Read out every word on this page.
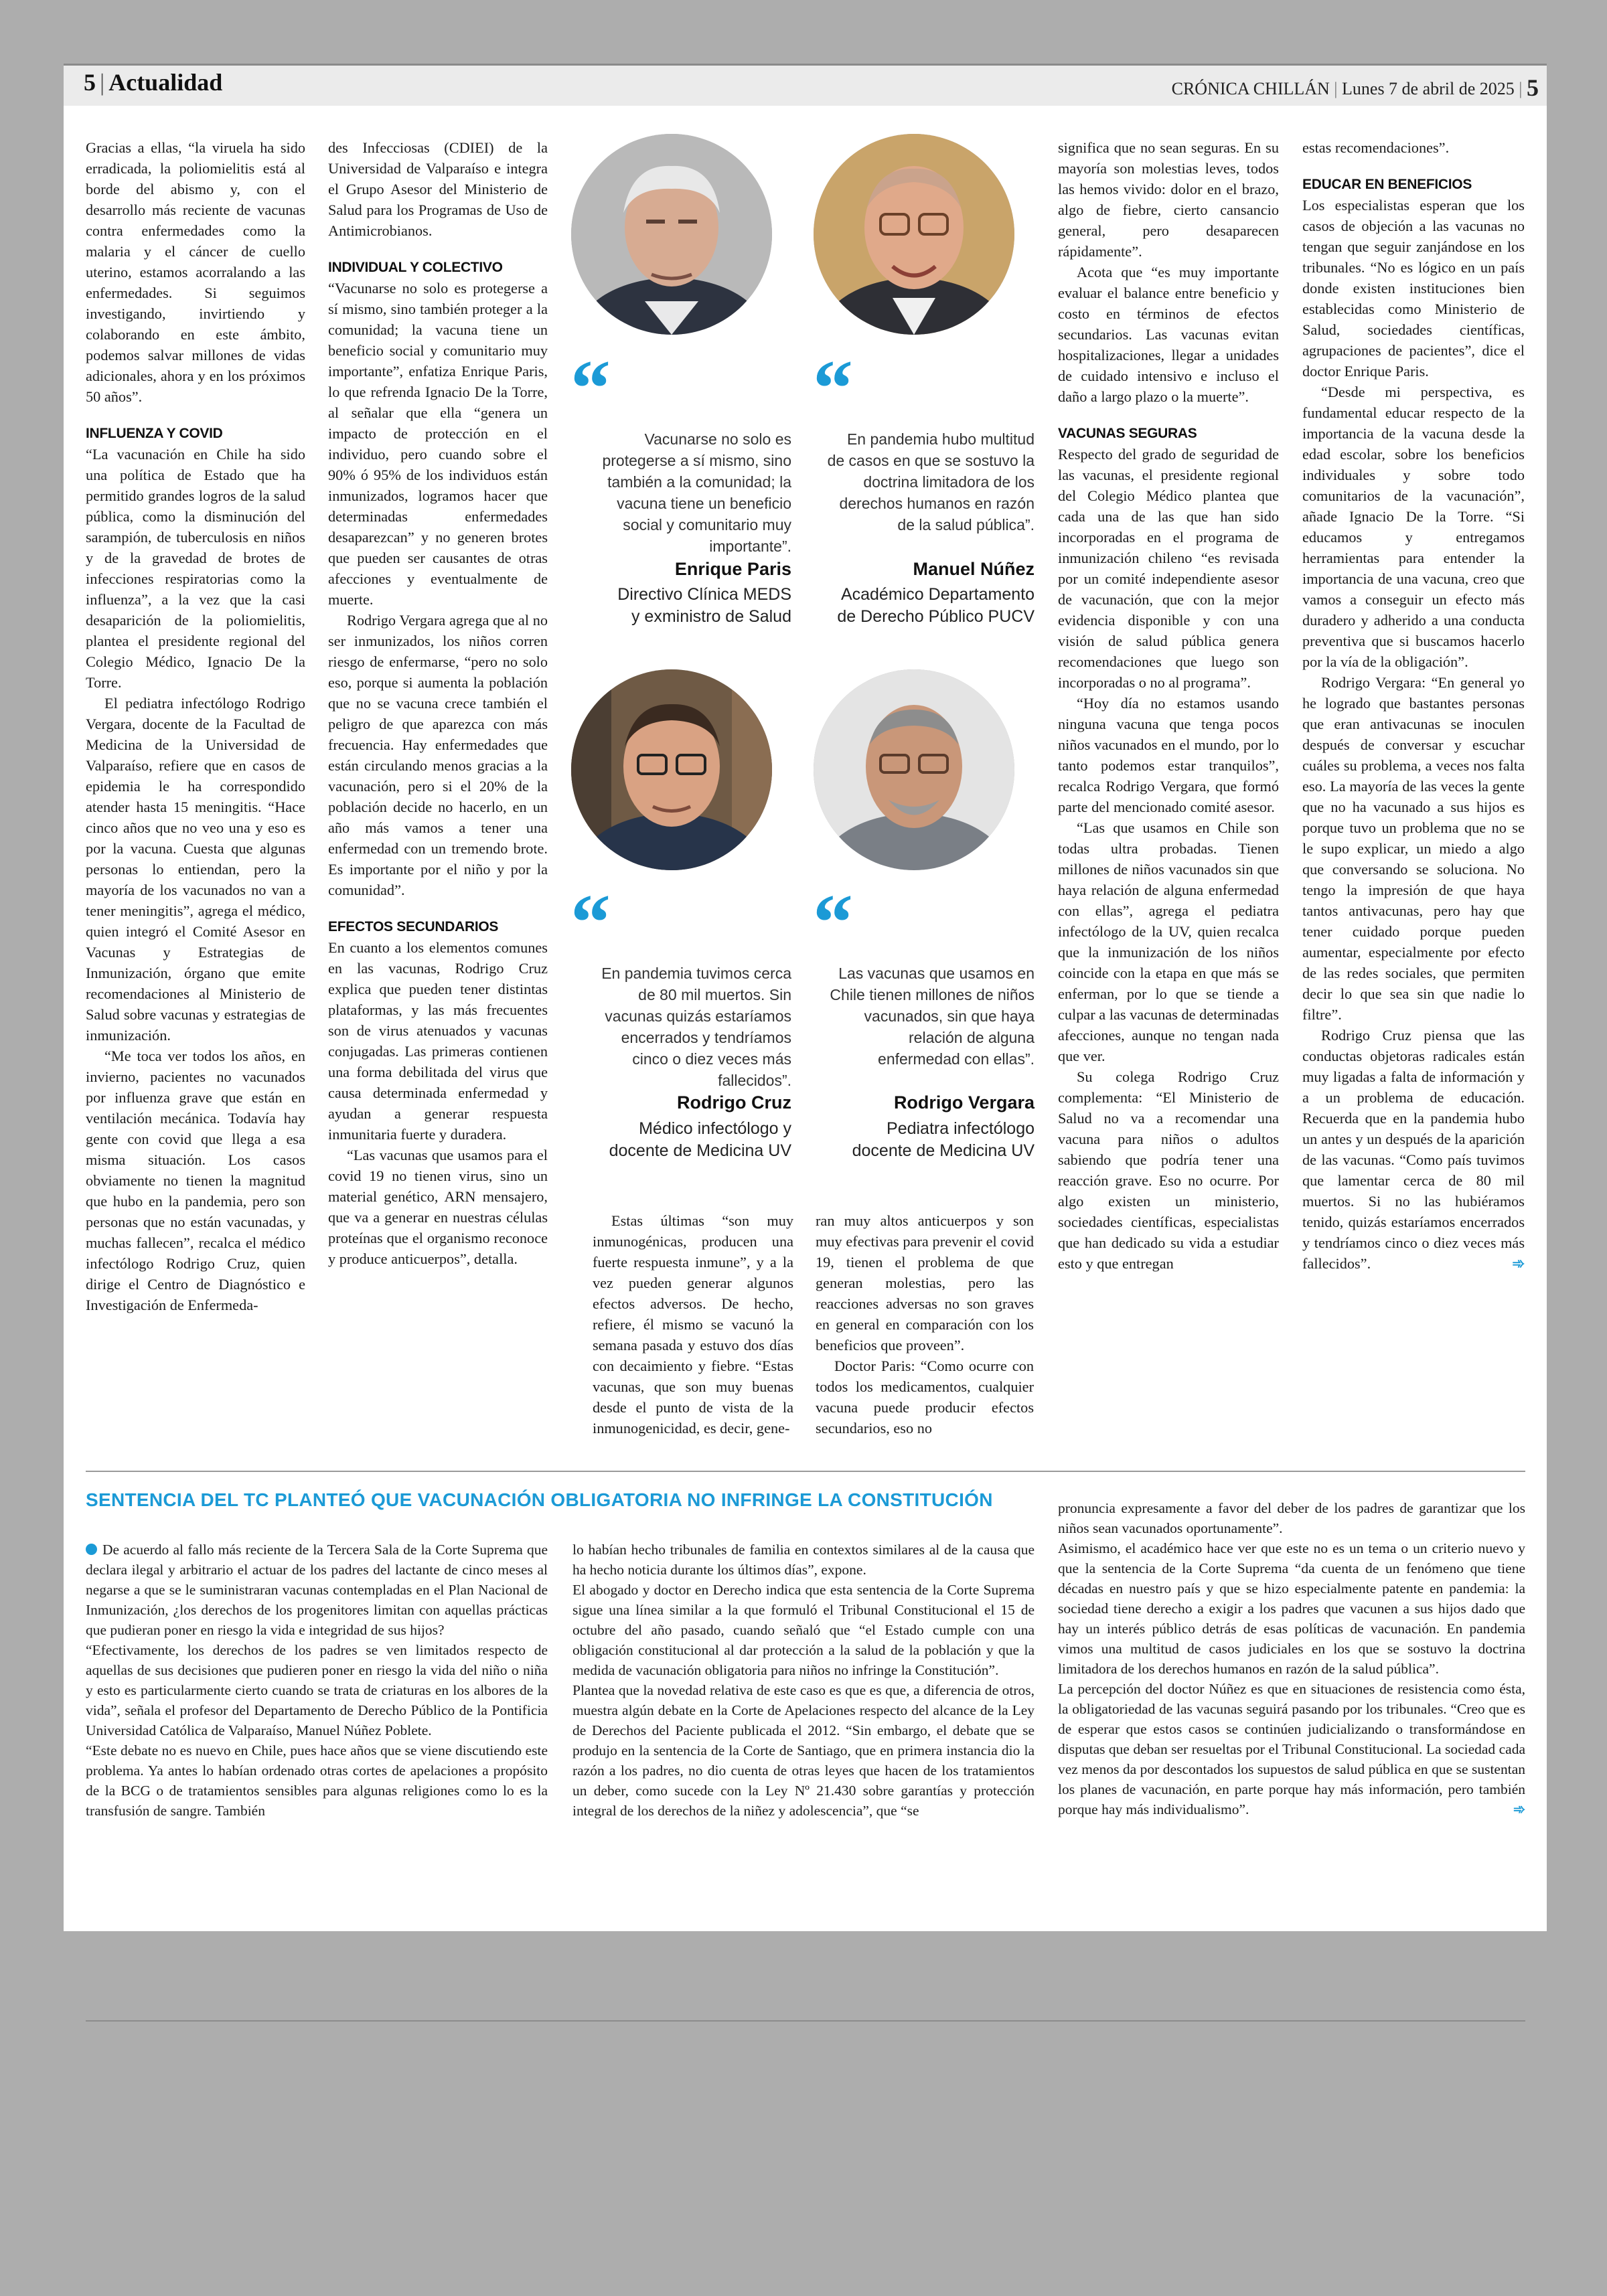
5 | Actualidad	CRÓNICA CHILLÁN | Lunes 7 de abril de 2025 | 5

Gracias a ellas, “la viruela ha sido erradicada, la poliomielitis está al borde del abismo y, con el desarrollo más reciente de vacunas contra enfermedades como la malaria y el cáncer de cuello uterino, estamos acorralando a las enfermedades. Si seguimos investigando, invirtiendo y colaborando en este ámbito, podemos salvar millones de vidas adicionales, ahora y en los próximos 50 años”.

INFLUENZA Y COVID

“La vacunación en Chile ha sido una política de Estado que ha permitido grandes logros de la salud pública, como la disminución del sarampión, de tuberculosis en niños y de la gravedad de brotes de infecciones respiratorias como la influenza”, a la vez que la casi desaparición de la poliomielitis, plantea el presidente regional del Colegio Médico, Ignacio De la Torre.

El pediatra infectólogo Rodrigo Vergara, docente de la Facultad de Medicina de la Universidad de Valparaíso, refiere que en casos de epidemia le ha correspondido atender hasta 15 meningitis. “Hace cinco años que no veo una y eso es por la vacuna. Cuesta que algunas personas lo entiendan, pero la mayoría de los vacunados no van a tener meningitis”, agrega el médico, quien integró el Comité Asesor en Vacunas y Estrategias de Inmunización, órgano que emite recomendaciones al Ministerio de Salud sobre vacunas y estrategias de inmunización.

“Me toca ver todos los años, en invierno, pacientes no vacunados por influenza grave que están en ventilación mecánica. Todavía hay gente con covid que llega a esa misma situación. Los casos obviamente no tienen la magnitud que hubo en la pandemia, pero son personas que no están vacunadas, y muchas fallecen”, recalca el médico infectólogo Rodrigo Cruz, quien dirige el Centro de Diagnóstico e Investigación de Enfermeda-

des Infecciosas (CDIEI) de la Universidad de Valparaíso e integra el Grupo Asesor del Ministerio de Salud para los Programas de Uso de Antimicrobianos.

INDIVIDUAL Y COLECTIVO

“Vacunarse no solo es protegerse a sí mismo, sino también proteger a la comunidad; la vacuna tiene un beneficio social y comunitario muy importante”, enfatiza Enrique Paris, lo que refrenda Ignacio De la Torre, al señalar que ella “genera un impacto de protección en el individuo, pero cuando sobre el 90% ó 95% de los individuos están inmunizados, logramos hacer que determinadas enfermedades desaparezcan” y no generen brotes que pueden ser causantes de otras afecciones y eventualmente de muerte.

Rodrigo Vergara agrega que al no ser inmunizados, los niños corren riesgo de enfermarse, “pero no solo eso, porque si aumenta la población que no se vacuna crece también el peligro de que aparezca con más frecuencia. Hay enfermedades que están circulando menos gracias a la vacunación, pero si el 20% de la población decide no hacerlo, en un año más vamos a tener una enfermedad con un tremendo brote. Es importante por el niño y por la comunidad”.

EFECTOS SECUNDARIOS

En cuanto a los elementos comunes en las vacunas, Rodrigo Cruz explica que pueden tener distintas plataformas, y las más frecuentes son de virus atenuados y vacunas conjugadas. Las primeras contienen una forma debilitada del virus que causa determinada enfermedad y ayudan a generar respuesta inmunitaria fuerte y duradera.

“Las vacunas que usamos para el covid 19 no tienen virus, sino un material genético, ARN mensajero, que va a generar en nuestras células proteínas que el organismo reconoce y produce anticuerpos”, detalla.

“
Vacunarse no solo es protegerse a sí mismo, sino también a la comunidad; la vacuna tiene un beneficio social y comunitario muy importante”.
Enrique Paris
Directivo Clínica MEDS
y exministro de Salud
“
En pandemia hubo multitud de casos en que se sostuvo la doctrina limitadora de los derechos humanos en razón de la salud pública”.
Manuel Núñez
Académico Departamento
de Derecho Público PUCV
“
En pandemia tuvimos cerca de 80 mil muertos. Sin vacunas quizás estaríamos encerrados y tendríamos cinco o diez veces más fallecidos”.
Rodrigo Cruz
Médico infectólogo y
docente de Medicina UV
“
Las vacunas que usamos en Chile tienen millones de niños vacunados, sin que haya relación de alguna enfermedad con ellas”.
Rodrigo Vergara
Pediatra infectólogo
docente de Medicina UV

Estas últimas “son muy inmunogénicas, producen una fuerte respuesta inmune”, y a la vez pueden generar algunos efectos adversos. De hecho, refiere, él mismo se vacunó la semana pasada y estuvo dos días con decaimiento y fiebre. “Estas vacunas, que son muy buenas desde el punto de vista de la inmunogenicidad, es decir, gene-

ran muy altos anticuerpos y son muy efectivas para prevenir el covid 19, tienen el problema de que generan molestias, pero las reacciones adversas no son graves en general en comparación con los beneficios que proveen”.

Doctor Paris: “Como ocurre con todos los medicamentos, cualquier vacuna puede producir efectos secundarios, eso no

significa que no sean seguras. En su mayoría son molestias leves, todos las hemos vivido: dolor en el brazo, algo de fiebre, cierto cansancio general, pero desaparecen rápidamente”.

Acota que “es muy importante evaluar el balance entre beneficio y costo en términos de efectos secundarios. Las vacunas evitan hospitalizaciones, llegar a unidades de cuidado intensivo e incluso el daño a largo plazo o la muerte”.

VACUNAS SEGURAS

Respecto del grado de seguridad de las vacunas, el presidente regional del Colegio Médico plantea que cada una de las que han sido incorporadas en el programa de inmunización chileno “es revisada por un comité independiente asesor de vacunación, que con la mejor evidencia disponible y con una visión de salud pública genera recomendaciones que luego son incorporadas o no al programa”.

“Hoy día no estamos usando ninguna vacuna que tenga pocos niños vacunados en el mundo, por lo tanto podemos estar tranquilos”, recalca Rodrigo Vergara, que formó parte del mencionado comité asesor.

“Las que usamos en Chile son todas ultra probadas. Tienen millones de niños vacunados sin que haya relación de alguna enfermedad con ellas”, agrega el pediatra infectólogo de la UV, quien recalca que la inmunización de los niños coincide con la etapa en que más se enferman, por lo que se tiende a culpar a las vacunas de determinadas afecciones, aunque no tengan nada que ver.

Su colega Rodrigo Cruz complementa: “El Ministerio de Salud no va a recomendar una vacuna para niños o adultos sabiendo que podría tener una reacción grave. Eso no ocurre. Por algo existen un ministerio, sociedades científicas, especialistas que han dedicado su vida a estudiar esto y que entregan

estas recomendaciones”.

EDUCAR EN BENEFICIOS

Los especialistas esperan que los casos de objeción a las vacunas no tengan que seguir zanjándose en los tribunales. “No es lógico en un país donde existen instituciones bien establecidas como Ministerio de Salud, sociedades científicas, agrupaciones de pacientes”, dice el doctor Enrique Paris.

“Desde mi perspectiva, es fundamental educar respecto de la importancia de la vacuna desde la edad escolar, sobre los beneficios individuales y sobre todo comunitarios de la vacunación”, añade Ignacio De la Torre. “Si educamos y entregamos herramientas para entender la importancia de una vacuna, creo que vamos a conseguir un efecto más duradero y adherido a una conducta preventiva que si buscamos hacerlo por la vía de la obligación”.

Rodrigo Vergara: “En general yo he logrado que bastantes personas que eran antivacunas se inoculen después de conversar y escuchar cuáles su problema, a veces nos falta eso. La mayoría de las veces la gente que no ha vacunado a sus hijos es porque tuvo un problema que no se le supo explicar, un miedo a algo que conversando se soluciona. No tengo la impresión de que haya tantos antivacunas, pero hay que tener cuidado porque pueden aumentar, especialmente por efecto de las redes sociales, que permiten decir lo que sea sin que nadie lo filtre”.

Rodrigo Cruz piensa que las conductas objetoras radicales están muy ligadas a falta de información y a un problema de educación. Recuerda que en la pandemia hubo un antes y un después de la aparición de las vacunas. “Como país tuvimos que lamentar cerca de 80 mil muertos. Si no las hubiéramos tenido, quizás estaríamos encerrados y tendríamos cinco o diez veces más fallecidos”.	➾

SENTENCIA DEL TC PLANTEÓ QUE VACUNACIÓN OBLIGATORIA NO INFRINGE LA CONSTITUCIÓN

De acuerdo al fallo más reciente de la Tercera Sala de la Corte Suprema que declara ilegal y arbitrario el actuar de los padres del lactante de cinco meses al negarse a que se le suministraran vacunas contempladas en el Plan Nacional de Inmunización, ¿los derechos de los progenitores limitan con aquellas prácticas que pudieran poner en riesgo la vida e integridad de sus hijos?

“Efectivamente, los derechos de los padres se ven limitados respecto de aquellas de sus decisiones que pudieren poner en riesgo la vida del niño o niña y esto es particularmente cierto cuando se trata de criaturas en los albores de la vida”, señala el profesor del Departamento de Derecho Público de la Pontificia Universidad Católica de Valparaíso, Manuel Núñez Poblete.

“Este debate no es nuevo en Chile, pues hace años que se viene discutiendo este problema. Ya antes lo habían ordenado otras cortes de apelaciones a propósito de la BCG o de tratamientos sensibles para algunas religiones como lo es la transfusión de sangre. También

lo habían hecho tribunales de familia en contextos similares al de la causa que ha hecho noticia durante los últimos días”, expone.

El abogado y doctor en Derecho indica que esta sentencia de la Corte Suprema sigue una línea similar a la que formuló el Tribunal Constitucional el 15 de octubre del año pasado, cuando señaló que “el Estado cumple con una obligación constitucional al dar protección a la salud de la población y que la medida de vacunación obligatoria para niños no infringe la Constitución”.

Plantea que la novedad relativa de este caso es que es que, a diferencia de otros, muestra algún debate en la Corte de Apelaciones respecto del alcance de la Ley de Derechos del Paciente publicada el 2012. “Sin embargo, el debate que se produjo en la sentencia de la Corte de Santiago, que en primera instancia dio la razón a los padres, no dio cuenta de otras leyes que hacen de los tratamientos un deber, como sucede con la Ley Nº 21.430 sobre garantías y protección integral de los derechos de la niñez y adolescencia”, que “se

pronuncia expresamente a favor del deber de los padres de garantizar que los niños sean vacunados oportunamente”.

Asimismo, el académico hace ver que este no es un tema o un criterio nuevo y que la sentencia de la Corte Suprema “da cuenta de un fenómeno que tiene décadas en nuestro país y que se hizo especialmente patente en pandemia: la sociedad tiene derecho a exigir a los padres que vacunen a sus hijos dado que hay un interés público detrás de esas políticas de vacunación. En pandemia vimos una multitud de casos judiciales en los que se sostuvo la doctrina limitadora de los derechos humanos en razón de la salud pública”.

La percepción del doctor Núñez es que en situaciones de resistencia como ésta, la obligatoriedad de las vacunas seguirá pasando por los tribunales. “Creo que es de esperar que estos casos se continúen judicializando o transformándose en disputas que deban ser resueltas por el Tribunal Constitucional. La sociedad cada vez menos da por descontados los supuestos de salud pública en que se sustentan los planes de vacunación, en parte porque hay más información, pero también porque hay más individualismo”.	➾
